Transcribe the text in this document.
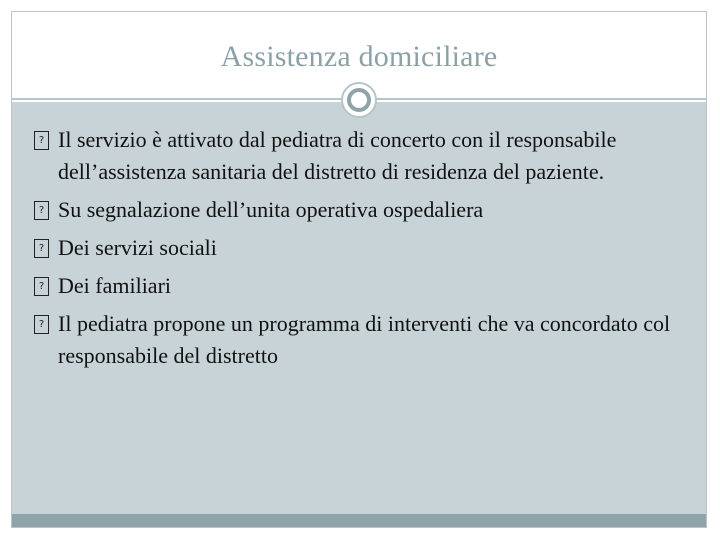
Assistenza domiciliare
? Il servizio è attivato dal pediatra di concerto con il responsabile dell’assistenza sanitaria del distretto di residenza del paziente.
? Su segnalazione dell’unita operativa ospedaliera
? Dei servizi sociali
? Dei familiari
? Il pediatra propone un programma di interventi che va concordato col responsabile del distretto
